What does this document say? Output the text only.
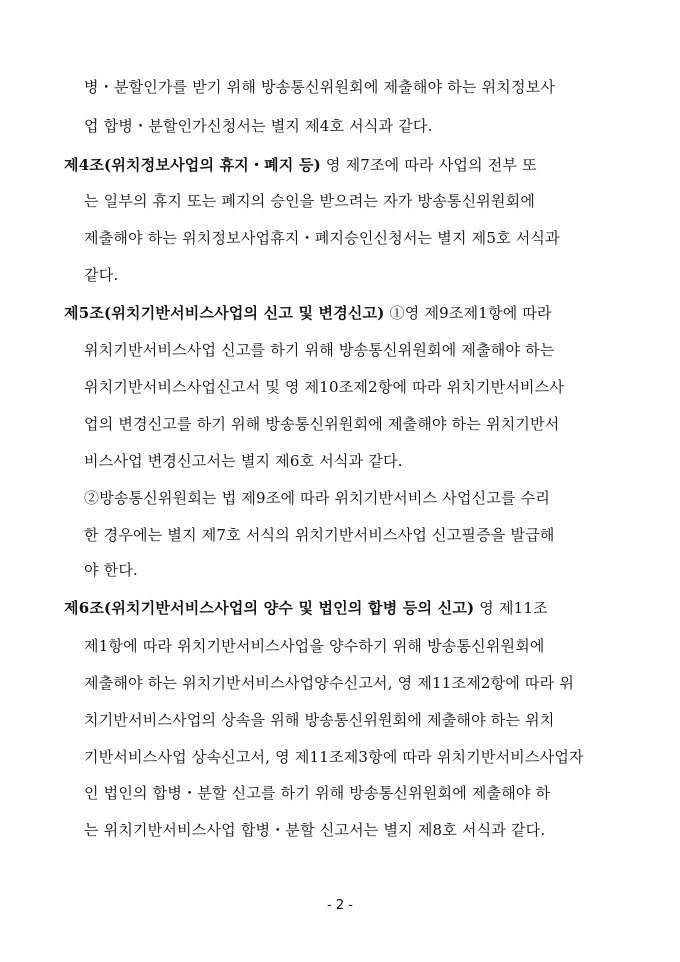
병・분할인가를 받기 위해 방송통신위원회에 제출해야 하는 위치정보사
업 합병・분할인가신청서는 별지 제4호 서식과 같다.
제4조(위치정보사업의 휴지・폐지 등) 영 제7조에 따라 사업의 전부 또
는 일부의 휴지 또는 폐지의 승인을 받으려는 자가 방송통신위원회에
제출해야 하는 위치정보사업휴지・폐지승인신청서는 별지 제5호 서식과
같다.
제5조(위치기반서비스사업의 신고 및 변경신고) ①영 제9조제1항에 따라
위치기반서비스사업 신고를 하기 위해 방송통신위원회에 제출해야 하는
위치기반서비스사업신고서 및 영 제10조제2항에 따라 위치기반서비스사
업의 변경신고를 하기 위해 방송통신위원회에 제출해야 하는 위치기반서
비스사업 변경신고서는 별지 제6호 서식과 같다.
②방송통신위원회는 법 제9조에 따라 위치기반서비스 사업신고를 수리
한 경우에는 별지 제7호 서식의 위치기반서비스사업 신고필증을 발급해
야 한다.
제6조(위치기반서비스사업의 양수 및 법인의 합병 등의 신고) 영 제11조
제1항에 따라 위치기반서비스사업을 양수하기 위해 방송통신위원회에
제출해야 하는 위치기반서비스사업양수신고서, 영 제11조제2항에 따라 위
치기반서비스사업의 상속을 위해 방송통신위원회에 제출해야 하는 위치
기반서비스사업 상속신고서, 영 제11조제3항에 따라 위치기반서비스사업자
인 법인의 합병・분할 신고를 하기 위해 방송통신위원회에 제출해야 하
는 위치기반서비스사업 합병・분할 신고서는 별지 제8호 서식과 같다.
- 2 -
